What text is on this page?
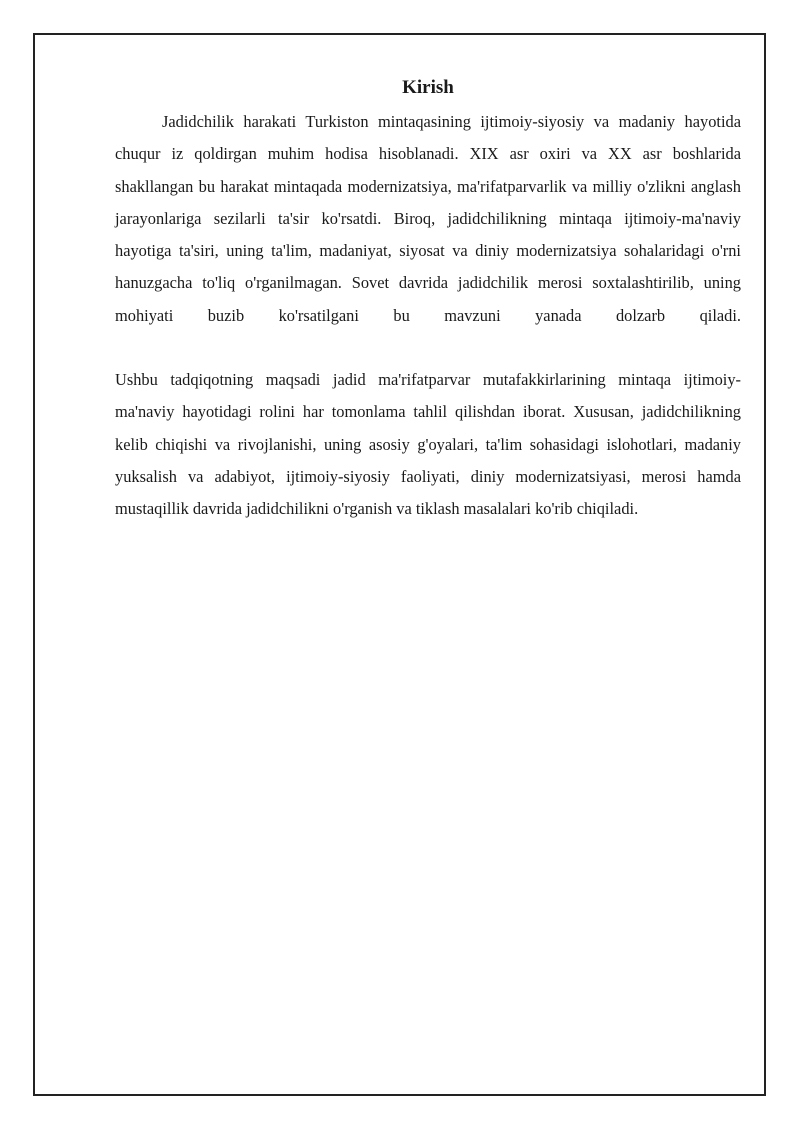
Kirish

Jadidchilik harakati Turkiston mintaqasining ijtimoiy-siyosiy va madaniy hayotida chuqur iz qoldirgan muhim hodisa hisoblanadi. XIX asr oxiri va XX asr boshlarida shakllangan bu harakat mintaqada modernizatsiya, ma'rifatparvarlik va milliy o'zlikni anglash jarayonlariga sezilarli ta'sir ko'rsatdi. Biroq, jadidchilikning mintaqa ijtimoiy-ma'naviy hayotiga ta'siri, uning ta'lim, madaniyat, siyosat va diniy modernizatsiya sohalaridagi o'rni hanuzgacha to'liq o'rganilmagan. Sovet davrida jadidchilik merosi soxtalashtirilib, uning mohiyati buzib ko'rsatilgani bu mavzuni yanada dolzarb qiladi.

Ushbu tadqiqotning maqsadi jadid ma'rifatparvar mutafakkirlarining mintaqa ijtimoiy-ma'naviy hayotidagi rolini har tomonlama tahlil qilishdan iborat. Xususan, jadidchilikning kelib chiqishi va rivojlanishi, uning asosiy g'oyalari, ta'lim sohasidagi islohotlari, madaniy yuksalish va adabiyot, ijtimoiy-siyosiy faoliyati, diniy modernizatsiyasi, merosi hamda mustaqillik davrida jadidchilikni o'rganish va tiklash masalalari ko'rib chiqiladi.
